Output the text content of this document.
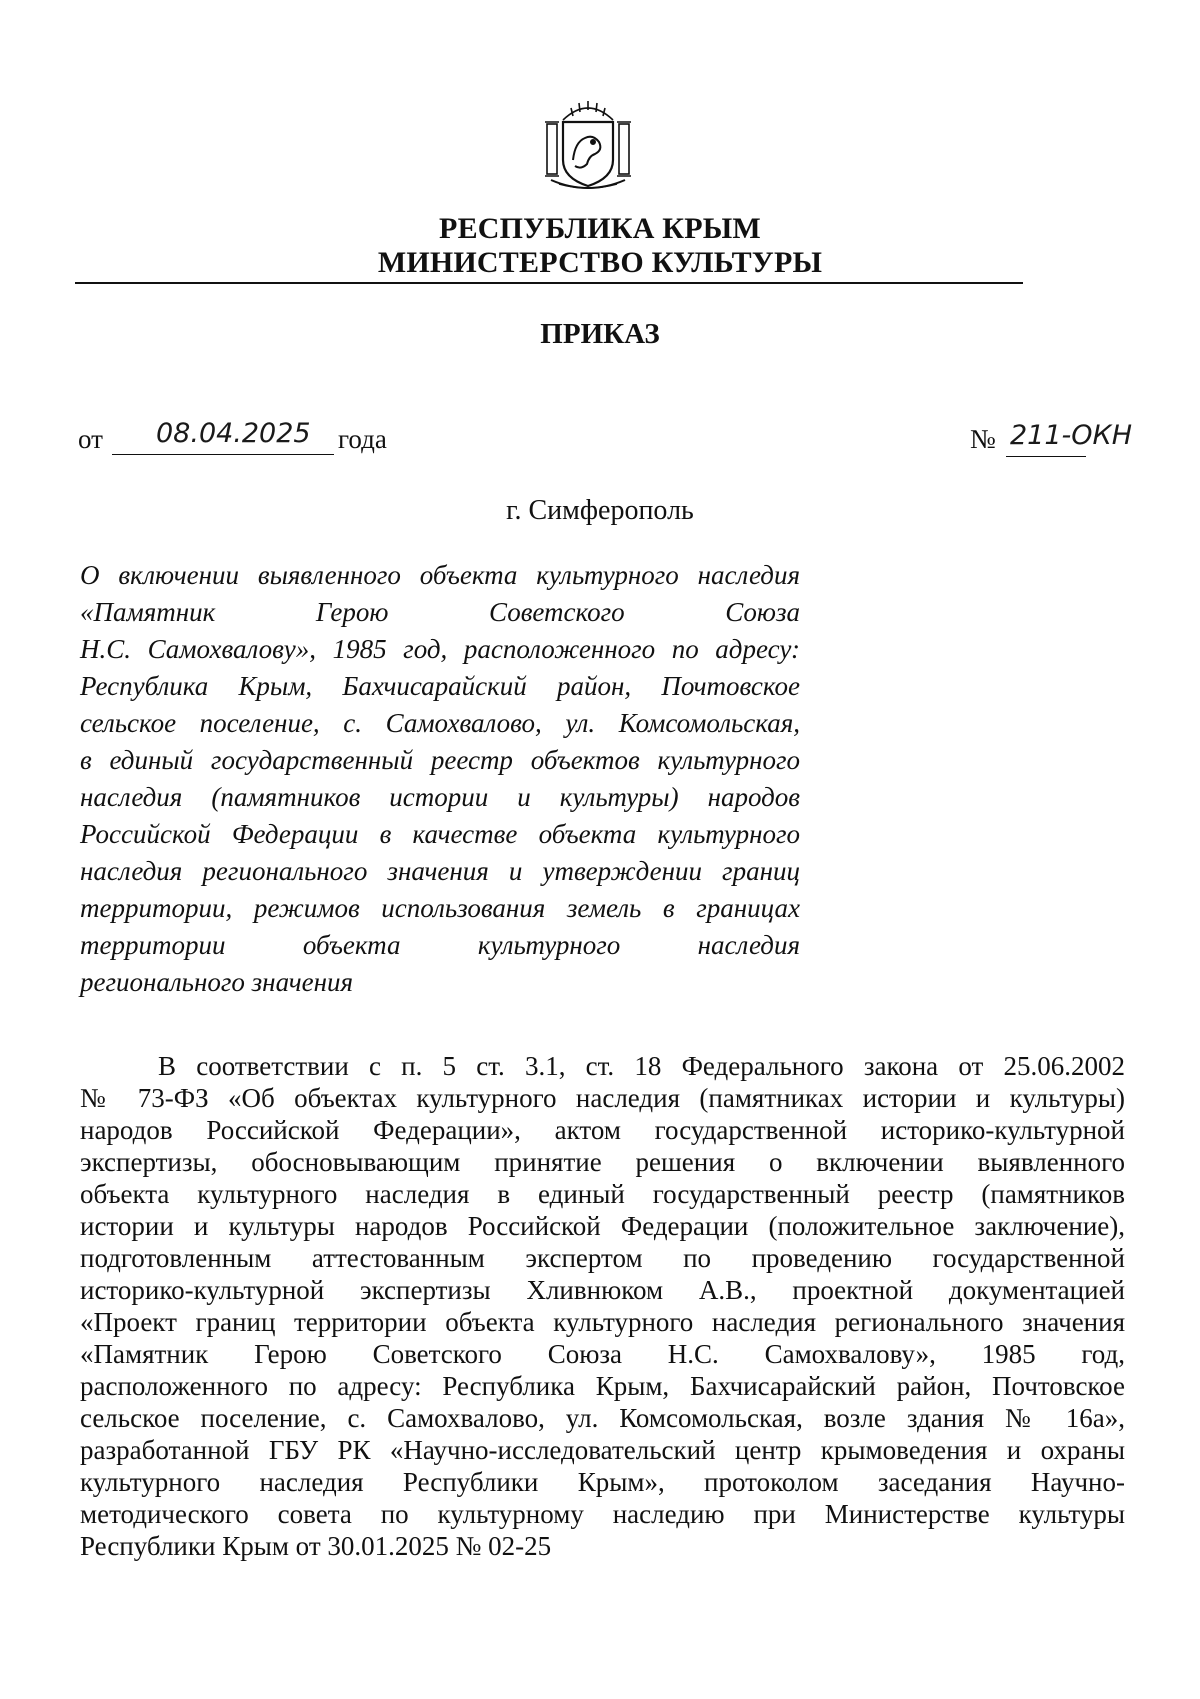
РЕСПУБЛИКА КРЫМ
МИНИСТЕРСТВО КУЛЬТУРЫ
ПРИКАЗ
от 08.04.2025 года	№ 211-ОКН
г. Симферополь
О включении выявленного объекта культурного наследия
«Памятник Герою Советского Союза
Н.С. Самохвалову», 1985 год, расположенного по адресу:
Республика Крым, Бахчисарайский район, Почтовское
сельское поселение, с. Самохвалово, ул. Комсомольская,
в единый государственный реестр объектов культурного
наследия (памятников истории и культуры) народов
Российской Федерации в качестве объекта культурного
наследия регионального значения и утверждении границ
территории, режимов использования земель в границах
территории объекта культурного наследия
регионального значения
В соответствии с п. 5 ст. 3.1, ст. 18 Федерального закона от 25.06.2002
№ 73-ФЗ «Об объектах культурного наследия (памятниках истории и культуры)
народов Российской Федерации», актом государственной историко-культурной
экспертизы, обосновывающим принятие решения о включении выявленного
объекта культурного наследия в единый государственный реестр (памятников
истории и культуры народов Российской Федерации (положительное заключение),
подготовленным аттестованным экспертом по проведению государственной
историко-культурной экспертизы Хливнюком А.В., проектной документацией
«Проект границ территории объекта культурного наследия регионального значения
«Памятник Герою Советского Союза Н.С. Самохвалову», 1985 год,
расположенного по адресу: Республика Крым, Бахчисарайский район, Почтовское
сельское поселение, с. Самохвалово, ул. Комсомольская, возле здания № 16а»,
разработанной ГБУ РК «Научно-исследовательский центр крымоведения и охраны
культурного наследия Республики Крым», протоколом заседания Научно-
методического совета по культурному наследию при Министерстве культуры
Республики Крым от 30.01.2025 № 02-25
